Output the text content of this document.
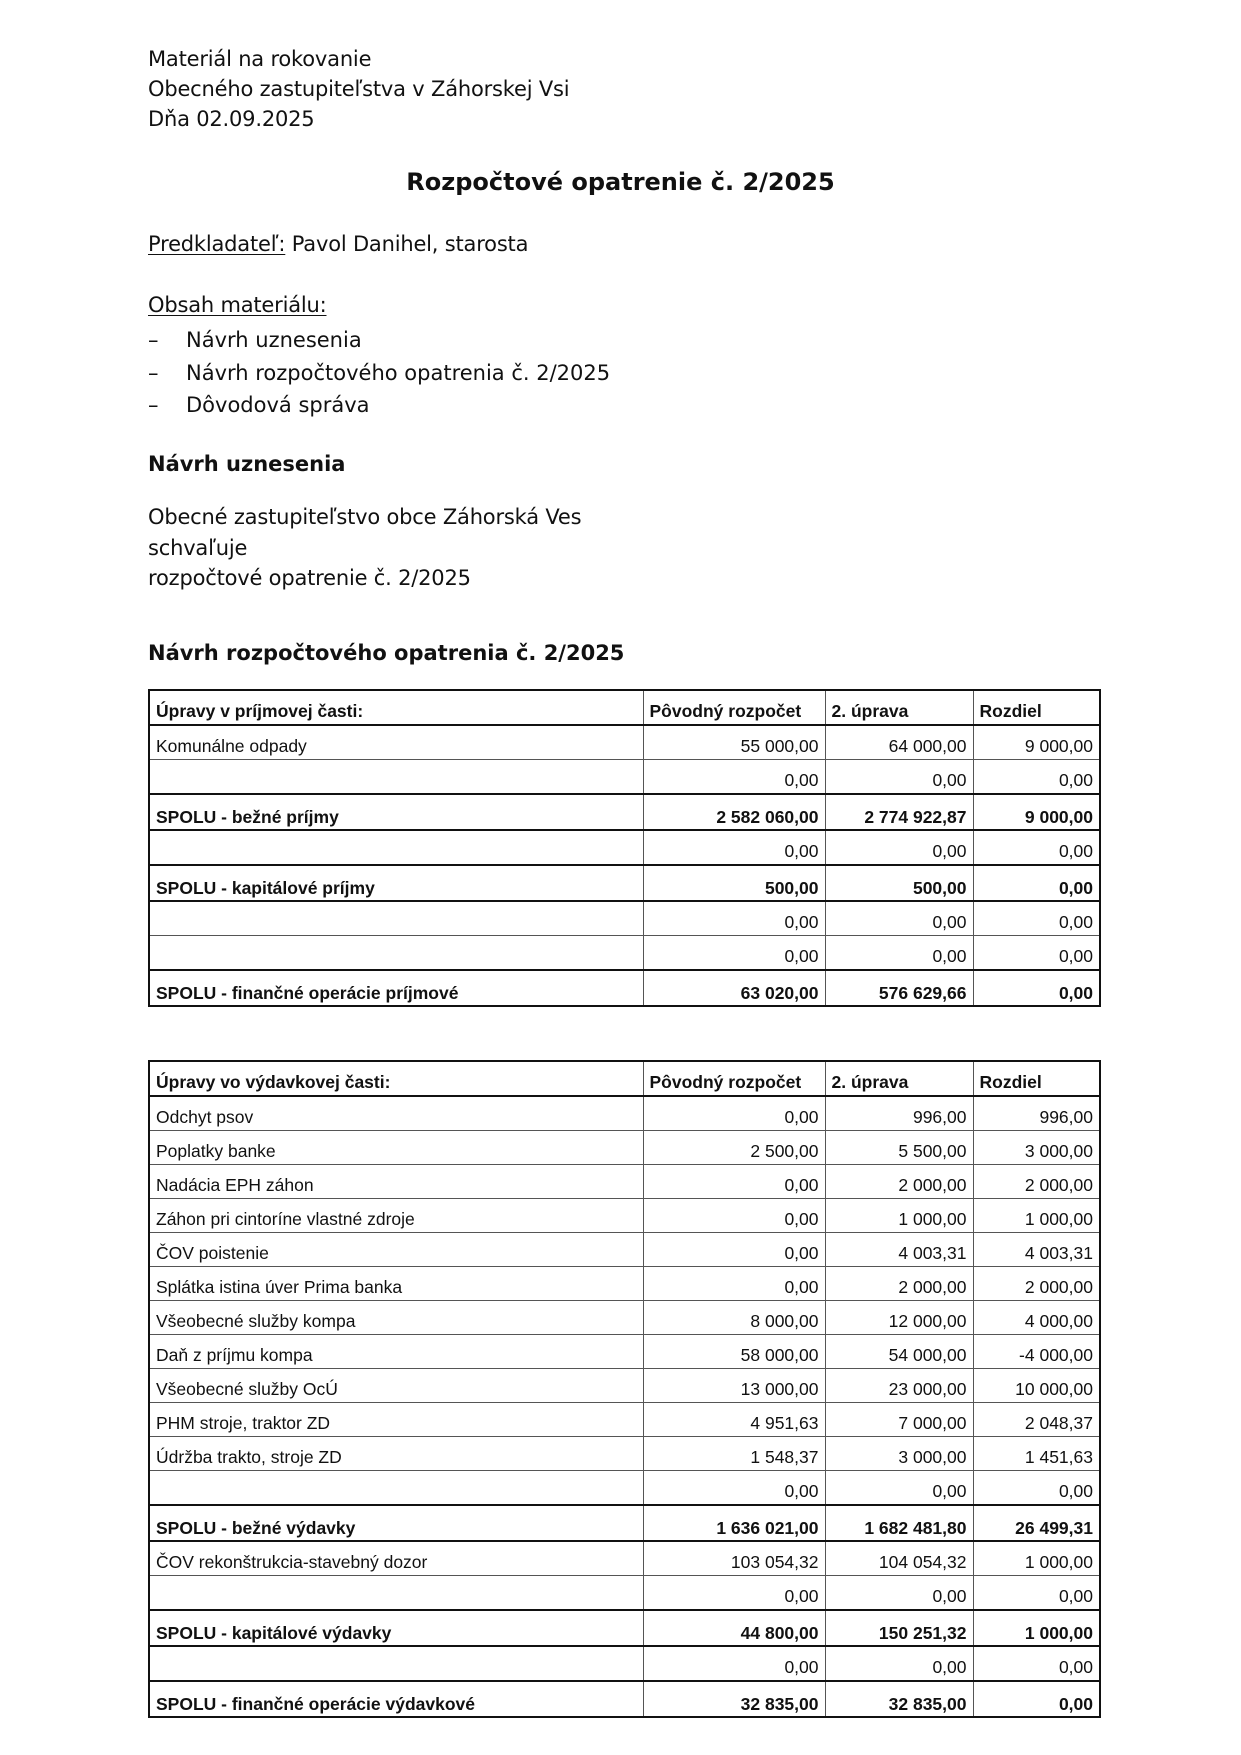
Materiál na rokovanie
Obecného zastupiteľstva v Záhorskej Vsi
Dňa 02.09.2025
Rozpočtové opatrenie č. 2/2025
Predkladateľ: Pavol Danihel, starosta
Obsah materiálu:
–	Návrh uznesenia
–	Návrh rozpočtového opatrenia č. 2/2025
–	Dôvodová správa
Návrh uznesenia
Obecné zastupiteľstvo obce Záhorská Ves
schvaľuje
rozpočtové opatrenie č. 2/2025
Návrh rozpočtového opatrenia č. 2/2025
Úpravy v príjmovej časti:	Pôvodný rozpočet	2. úprava	Rozdiel
Komunálne odpady	55 000,00	64 000,00	9 000,00
	0,00	0,00	0,00
SPOLU - bežné príjmy	2 582 060,00	2 774 922,87	9 000,00
	0,00	0,00	0,00
SPOLU - kapitálové príjmy	500,00	500,00	0,00
	0,00	0,00	0,00
	0,00	0,00	0,00
SPOLU - finančné operácie príjmové	63 020,00	576 629,66	0,00
Úpravy vo výdavkovej časti:	Pôvodný rozpočet	2. úprava	Rozdiel
Odchyt psov	0,00	996,00	996,00
Poplatky banke	2 500,00	5 500,00	3 000,00
Nadácia EPH záhon	0,00	2 000,00	2 000,00
Záhon pri cintoríne vlastné zdroje	0,00	1 000,00	1 000,00
ČOV poistenie	0,00	4 003,31	4 003,31
Splátka istina úver Prima banka	0,00	2 000,00	2 000,00
Všeobecné služby kompa	8 000,00	12 000,00	4 000,00
Daň z príjmu kompa	58 000,00	54 000,00	-4 000,00
Všeobecné služby OcÚ	13 000,00	23 000,00	10 000,00
PHM stroje, traktor ZD	4 951,63	7 000,00	2 048,37
Údržba trakto, stroje ZD	1 548,37	3 000,00	1 451,63
	0,00	0,00	0,00
SPOLU - bežné výdavky	1 636 021,00	1 682 481,80	26 499,31
ČOV rekonštrukcia-stavebný dozor	103 054,32	104 054,32	1 000,00
	0,00	0,00	0,00
SPOLU - kapitálové výdavky	44 800,00	150 251,32	1 000,00
	0,00	0,00	0,00
SPOLU - finančné operácie výdavkové	32 835,00	32 835,00	0,00
